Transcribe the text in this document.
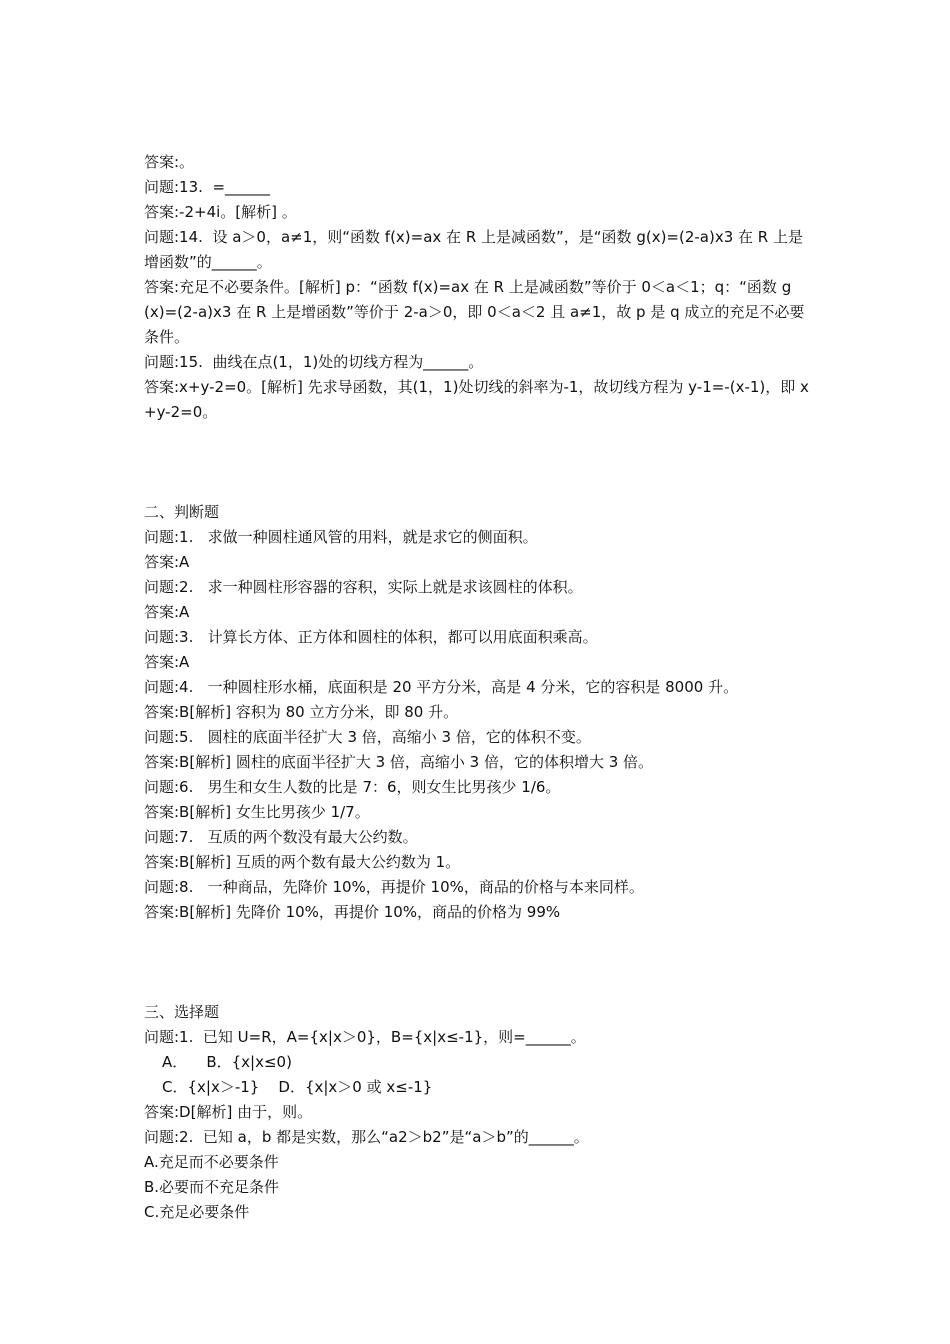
答案:。
问题:13.  =______
答案:-2+4i。[解析] 。
问题:14.  设 a＞0，a≠1，则“函数 f(x)=ax 在 R 上是减函数”，是“函数 g(x)=(2-a)x3 在 R 上是增函数”的______。
答案:充足不必要条件。[解析] p：“函数 f(x)=ax 在 R 上是减函数”等价于 0＜a＜1；q：“函数 g(x)=(2-a)x3 在 R 上是增函数”等价于 2-a＞0，即 0＜a＜2 且 a≠1，故 p 是 q 成立的充足不必要条件。
问题:15.  曲线在点(1，1)处的切线方程为______。
答案:x+y-2=0。[解析] 先求导函数，其(1，1)处切线的斜率为-1，故切线方程为 y-1=-(x-1)，即 x+y-2=0。
二、判断题
问题:1.   求做一种圆柱通风管的用料，就是求它的侧面积。
答案:A
问题:2.   求一种圆柱形容器的容积，实际上就是求该圆柱的体积。
答案:A
问题:3.   计算长方体、正方体和圆柱的体积，都可以用底面积乘高。
答案:A
问题:4.   一种圆柱形水桶，底面积是 20 平方分米，高是 4 分米，它的容积是 8000 升。
答案:B[解析] 容积为 80 立方分米，即 80 升。
问题:5.   圆柱的底面半径扩大 3 倍，高缩小 3 倍，它的体积不变。
答案:B[解析] 圆柱的底面半径扩大 3 倍，高缩小 3 倍，它的体积增大 3 倍。
问题:6.   男生和女生人数的比是 7：6，则女生比男孩少 1/6。
答案:B[解析] 女生比男孩少 1/7。
问题:7.   互质的两个数没有最大公约数。
答案:B[解析] 互质的两个数有最大公约数为 1。
问题:8.   一种商品，先降价 10%，再提价 10%，商品的价格与本来同样。
答案:B[解析] 先降价 10%，再提价 10%，商品的价格为 99%
三、选择题
问题:1.  已知 U=R，A={x|x＞0}，B={x|x≤-1}，则=______。
A．    B．{x|x≤0)
C．{x|x＞-1}    D．{x|x＞0 或 x≤-1}
答案:D[解析] 由于，则。
问题:2.  已知 a，b 都是实数，那么“a2＞b2”是“a＞b”的______。
A.充足而不必要条件
B.必要而不充足条件
C.充足必要条件
